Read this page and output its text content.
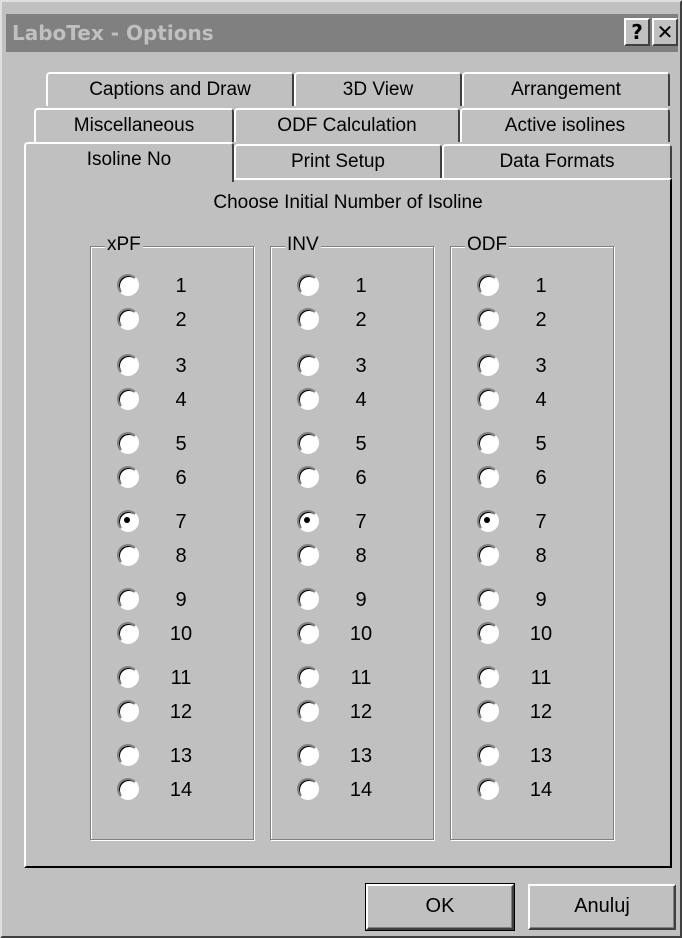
LaboTex - Options	? ✕
Captions and Draw	3D View	Arrangement
Miscellaneous	ODF Calculation	Active isolines
Isoline No	Print Setup	Data Formats
Choose Initial Number of Isoline
xPF
1
2
3
4
5
6
7
8
9
10
11
12
13
14
INV
1
2
3
4
5
6
7
8
9
10
11
12
13
14
ODF
1
2
3
4
5
6
7
8
9
10
11
12
13
14
OK	Anuluj
